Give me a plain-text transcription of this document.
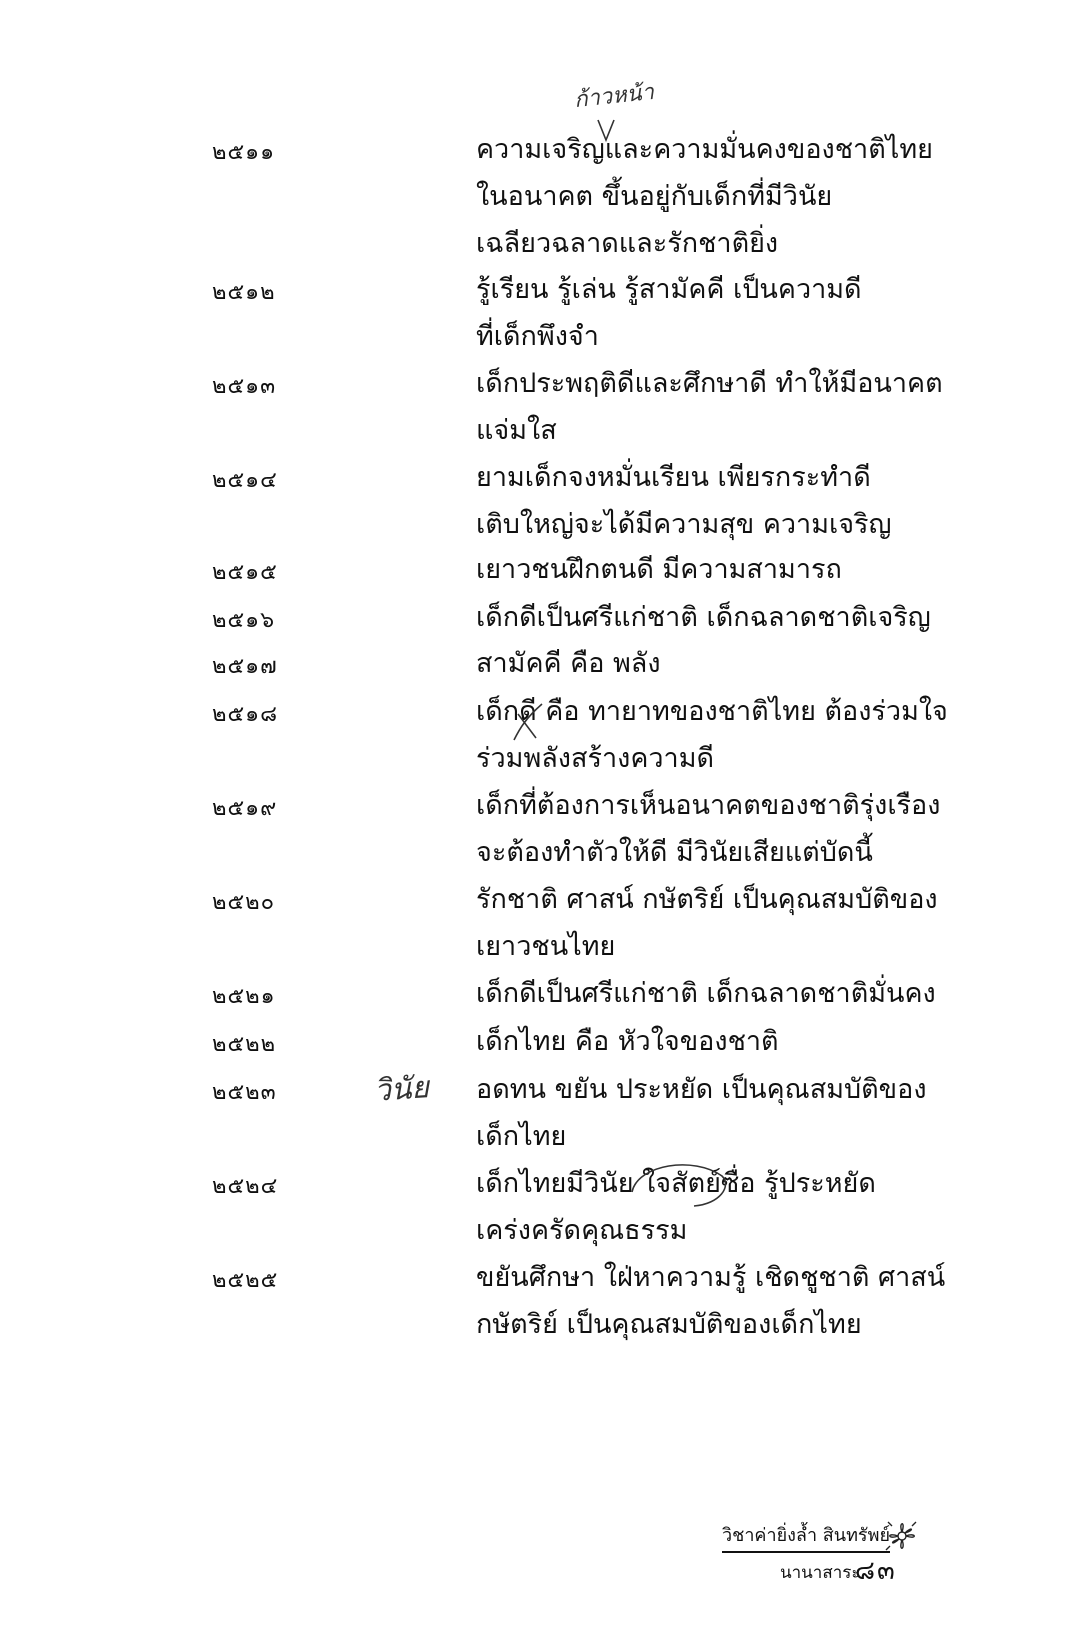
๒๕๑๑	ความเจริญและความมั่นคงของชาติไทย
ในอนาคต ขึ้นอยู่กับเด็กที่มีวินัย
เฉลียวฉลาดและรักชาติยิ่ง
๒๕๑๒	รู้เรียน รู้เล่น รู้สามัคคี เป็นความดี
ที่เด็กพึงจำ
๒๕๑๓	เด็กประพฤติดีและศึกษาดี ทำให้มีอนาคต
แจ่มใส
๒๕๑๔	ยามเด็กจงหมั่นเรียน เพียรกระทำดี
เติบใหญ่จะได้มีความสุข ความเจริญ
๒๕๑๕	เยาวชนฝึกตนดี มีความสามารถ
๒๕๑๖	เด็กดีเป็นศรีแก่ชาติ เด็กฉลาดชาติเจริญ
๒๕๑๗	สามัคคี คือ พลัง
๒๕๑๘	เด็กดี คือ ทายาทของชาติไทย ต้องร่วมใจ
ร่วมพลังสร้างความดี
๒๕๑๙	เด็กที่ต้องการเห็นอนาคตของชาติรุ่งเรือง
จะต้องทำตัวให้ดี มีวินัยเสียแต่บัดนี้
๒๕๒๐	รักชาติ ศาสน์ กษัตริย์ เป็นคุณสมบัติของ
เยาวชนไทย
๒๕๒๑	เด็กดีเป็นศรีแก่ชาติ เด็กฉลาดชาติมั่นคง
๒๕๒๒	เด็กไทย คือ หัวใจของชาติ
๒๕๒๓	อดทน ขยัน ประหยัด เป็นคุณสมบัติของ
เด็กไทย
๒๕๒๔	เด็กไทยมีวินัย ใจสัตย์ซื่อ รู้ประหยัด
เคร่งครัดคุณธรรม
๒๕๒๕	ขยันศึกษา ใฝ่หาความรู้ เชิดชูชาติ ศาสน์
กษัตริย์ เป็นคุณสมบัติของเด็กไทย
ก้าวหน้า
วินัย
วิชาค่ายิ่งล้ำ สินทรัพย์
นานาสาระ
๘๓
